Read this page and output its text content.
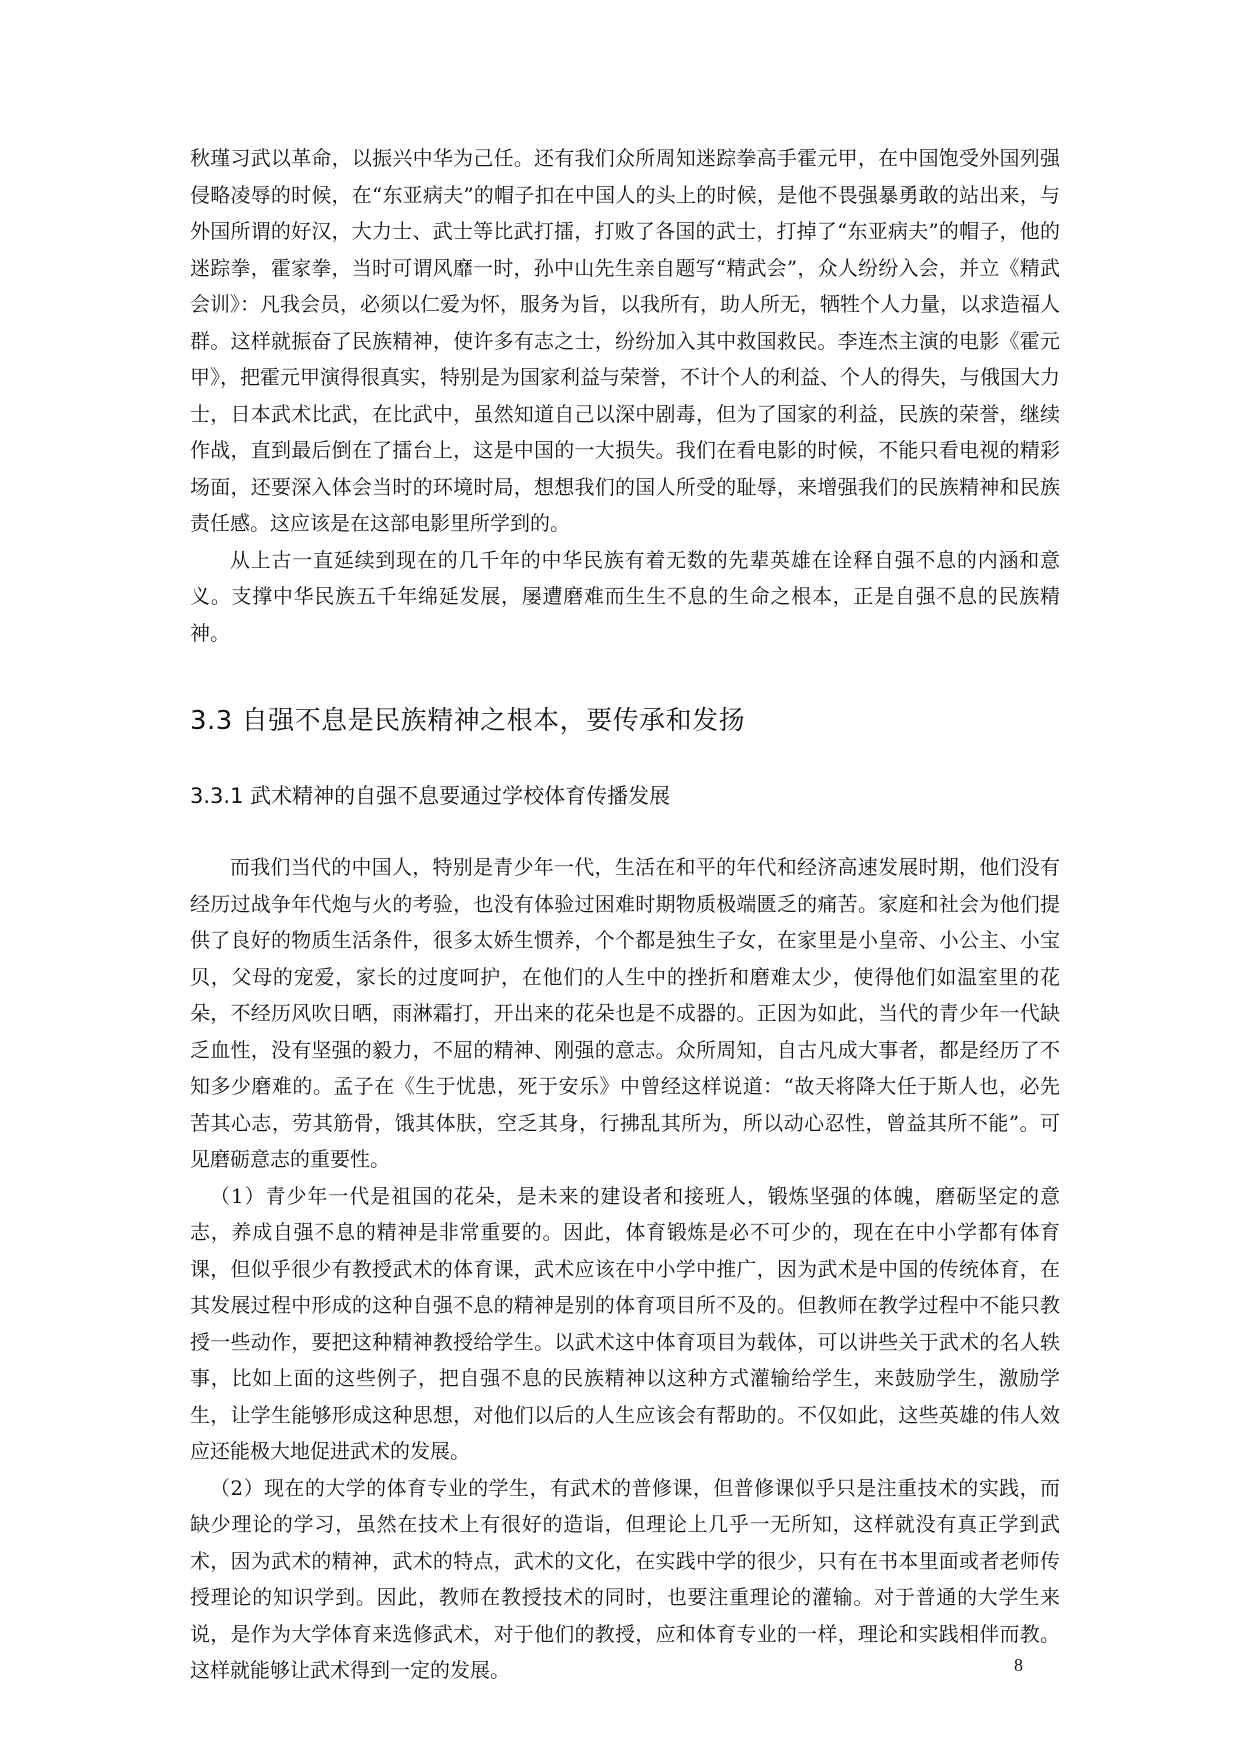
秋瑾习武以革命，以振兴中华为己任。还有我们众所周知迷踪拳高手霍元甲，在中国饱受外国列强侵略凌辱的时候，在“东亚病夫”的帽子扣在中国人的头上的时候，是他不畏强暴勇敢的站出来，与外国所谓的好汉，大力士、武士等比武打擂，打败了各国的武士，打掉了“东亚病夫”的帽子，他的迷踪拳，霍家拳，当时可谓风靡一时，孙中山先生亲自题写“精武会”，众人纷纷入会，并立《精武会训》：凡我会员，必须以仁爱为怀，服务为旨，以我所有，助人所无，牺牲个人力量，以求造福人群。这样就振奋了民族精神，使许多有志之士，纷纷加入其中救国救民。李连杰主演的电影《霍元甲》，把霍元甲演得很真实，特别是为国家利益与荣誉，不计个人的利益、个人的得失，与俄国大力士，日本武术比武，在比武中，虽然知道自己以深中剧毒，但为了国家的利益，民族的荣誉，继续作战，直到最后倒在了擂台上，这是中国的一大损失。我们在看电影的时候，不能只看电视的精彩场面，还要深入体会当时的环境时局，想想我们的国人所受的耻辱，来增强我们的民族精神和民族责任感。这应该是在这部电影里所学到的。

从上古一直延续到现在的几千年的中华民族有着无数的先辈英雄在诠释自强不息的内涵和意义。支撑中华民族五千年绵延发展，屡遭磨难而生生不息的生命之根本，正是自强不息的民族精神。

3.3 自强不息是民族精神之根本，要传承和发扬
3.3.1 武术精神的自强不息要通过学校体育传播发展

而我们当代的中国人，特别是青少年一代，生活在和平的年代和经济高速发展时期，他们没有经历过战争年代炮与火的考验，也没有体验过困难时期物质极端匮乏的痛苦。家庭和社会为他们提供了良好的物质生活条件，很多太娇生惯养，个个都是独生子女，在家里是小皇帝、小公主、小宝贝，父母的宠爱，家长的过度呵护，在他们的人生中的挫折和磨难太少，使得他们如温室里的花朵，不经历风吹日晒，雨淋霜打，开出来的花朵也是不成器的。正因为如此，当代的青少年一代缺乏血性，没有坚强的毅力，不屈的精神、刚强的意志。众所周知，自古凡成大事者，都是经历了不知多少磨难的。孟子在《生于忧患，死于安乐》中曾经这样说道：“故天将降大任于斯人也，必先苦其心志，劳其筋骨，饿其体肤，空乏其身，行拂乱其所为，所以动心忍性，曾益其所不能”。可见磨砺意志的重要性。

（1）青少年一代是祖国的花朵，是未来的建设者和接班人，锻炼坚强的体魄，磨砺坚定的意志，养成自强不息的精神是非常重要的。因此，体育锻炼是必不可少的，现在在中小学都有体育课，但似乎很少有教授武术的体育课，武术应该在中小学中推广，因为武术是中国的传统体育，在其发展过程中形成的这种自强不息的精神是别的体育项目所不及的。但教师在教学过程中不能只教授一些动作，要把这种精神教授给学生。以武术这中体育项目为载体，可以讲些关于武术的名人轶事，比如上面的这些例子，把自强不息的民族精神以这种方式灌输给学生，来鼓励学生，激励学生，让学生能够形成这种思想，对他们以后的人生应该会有帮助的。不仅如此，这些英雄的伟人效应还能极大地促进武术的发展。

（2）现在的大学的体育专业的学生，有武术的普修课，但普修课似乎只是注重技术的实践，而缺少理论的学习，虽然在技术上有很好的造诣，但理论上几乎一无所知，这样就没有真正学到武术，因为武术的精神，武术的特点，武术的文化，在实践中学的很少，只有在书本里面或者老师传授理论的知识学到。因此，教师在教授技术的同时，也要注重理论的灌输。对于普通的大学生来说，是作为大学体育来选修武术，对于他们的教授，应和体育专业的一样，理论和实践相伴而教。这样就能够让武术得到一定的发展。	8
